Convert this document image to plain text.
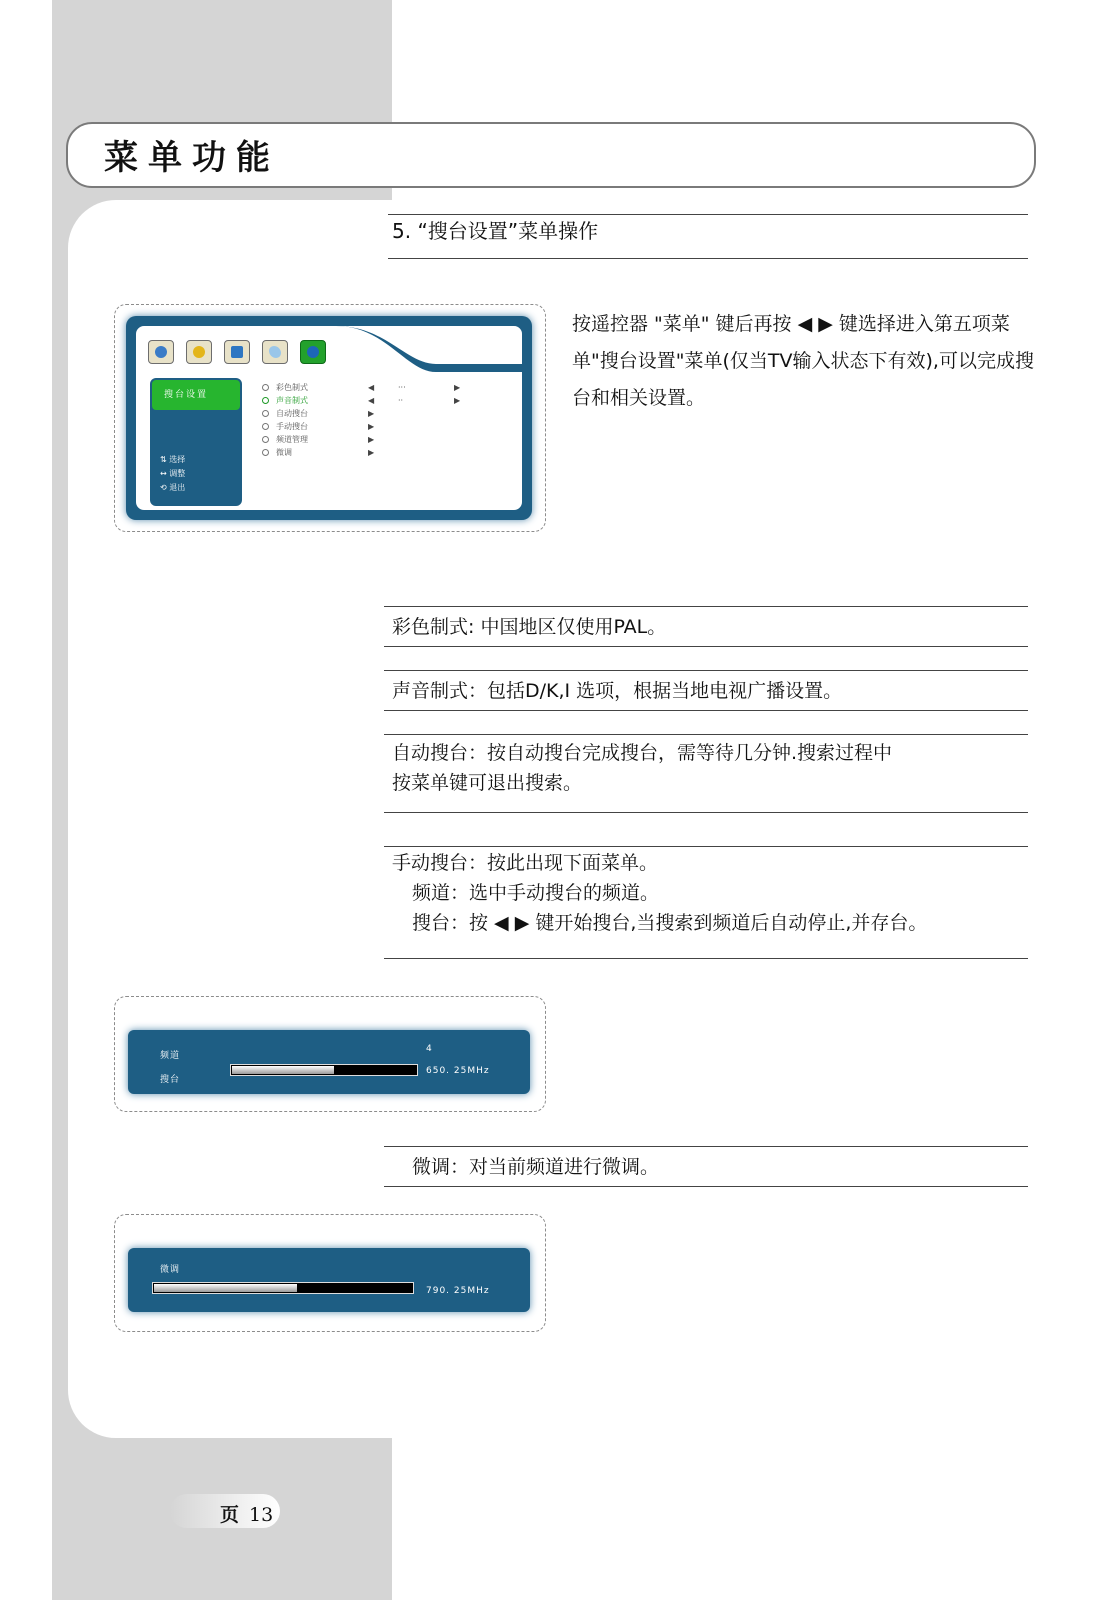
菜单功能
5. “搜台设置”菜单操作
按遥控器 "菜单" 键后再按 ◀ ▶ 键选择进入第五项菜单"搜台设置"菜单(仅当TV输入状态下有效),可以完成搜台和相关设置。
搜台设置
⇅ 选择
↔ 调整
⟲ 退出
彩色制式
声音制式
自动搜台
手动搜台
频道管理
微调
◀	···	▶
◀	··	▶
▶
▶
▶
▶
彩色制式: 中国地区仅使用PAL。
声音制式：包括D/K,I 选项，根据当地电视广播设置。
自动搜台：按自动搜台完成搜台，需等待几分钟.搜索过程中
按菜单键可退出搜索。
手动搜台：按此出现下面菜单。
频道：选中手动搜台的频道。
搜台：按 ◀ ▶ 键开始搜台,当搜索到频道后自动停止,并存台。
频道
4
搜台
650. 25MHz
微调：对当前频道进行微调。
微调
790. 25MHz
页 13
